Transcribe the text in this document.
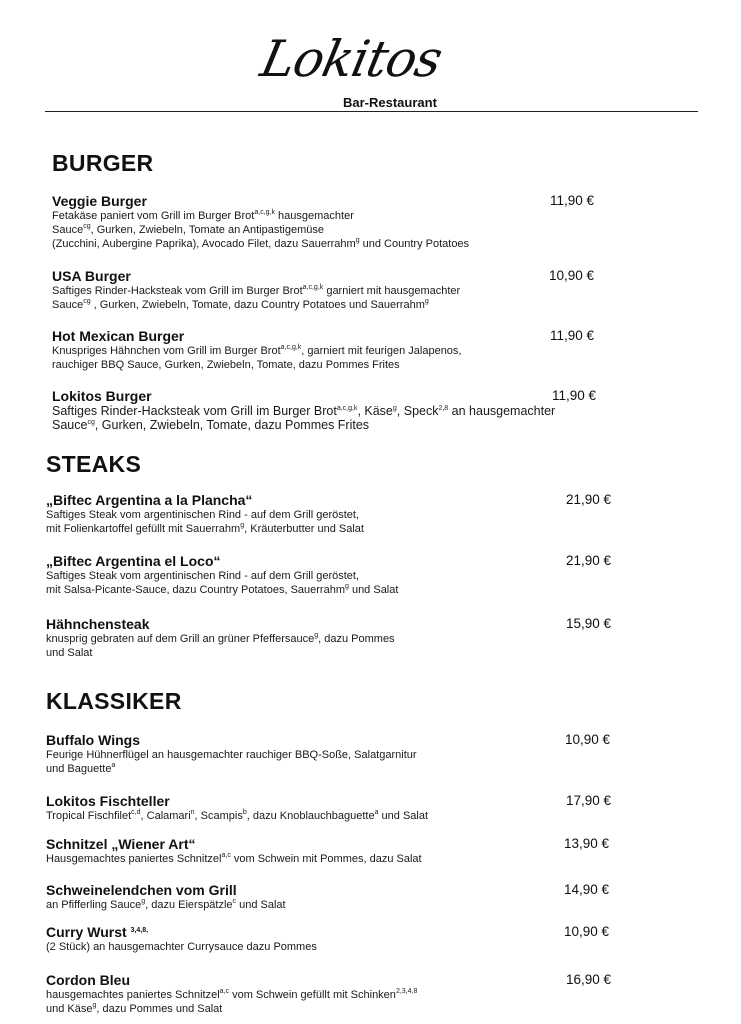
Lokitos
Bar-Restaurant
BURGER
STEAKS
KLASSIKER
Veggie Burger	11,90 €
Fetakäse paniert vom Grill im Burger Brot$^{a,c,g,k}$ hausgemachter
Sauce$^{cg}$, Gurken, Zwiebeln, Tomate an Antipastigemüse
(Zucchini, Aubergine Paprika), Avocado Filet, dazu Sauerrahm$^g$ und Country Potatoes
USA Burger	10,90 €
Saftiges Rinder-Hacksteak vom Grill im Burger Brot$^{a,c,g,k}$ garniert mit hausgemachter
Sauce$^{cg}$ , Gurken, Zwiebeln, Tomate, dazu Country Potatoes und Sauerrahm$^g$
Hot Mexican Burger	11,90 €
Knuspriges Hähnchen vom Grill im Burger Brot$^{a,c,g,k}$, garniert mit feurigen Jalapenos,
rauchiger BBQ Sauce, Gurken, Zwiebeln, Tomate, dazu Pommes Frites
Lokitos Burger	11,90 €
Saftiges Rinder-Hacksteak vom Grill im Burger Brot$^{a,c,g,k}$, Käse$^g$, Speck$^{2,8}$ an hausgemachter
Sauce$^{cg}$, Gurken, Zwiebeln, Tomate, dazu Pommes Frites
„Biftec Argentina a la Plancha“	21,90 €
Saftiges Steak vom argentinischen Rind - auf dem Grill geröstet,
mit Folienkartoffel gefüllt mit Sauerrahm$^g$, Kräuterbutter und Salat
„Biftec Argentina el Loco“	21,90 €
Saftiges Steak vom argentinischen Rind - auf dem Grill geröstet,
mit Salsa-Picante-Sauce, dazu Country Potatoes, Sauerrahm$^g$ und Salat
Hähnchensteak	15,90 €
knusprig gebraten auf dem Grill an grüner Pfeffersauce$^g$, dazu Pommes
und Salat
Buffalo Wings	10,90 €
Feurige Hühnerflügel an hausgemachter rauchiger BBQ-Soße, Salatgarnitur
und Baguette$^a$
Lokitos Fischteller	17,90 €
Tropical Fischfilet$^{c,d}$, Calamari$^n$, Scampis$^b$, dazu Knoblauchbaguette$^a$ und Salat
Schnitzel „Wiener Art“	13,90 €
Hausgemachtes paniertes Schnitzel$^{a,c}$ vom Schwein mit Pommes, dazu Salat
Schweinelendchen vom Grill	14,90 €
an Pfifferling Sauce$^g$, dazu Eierspätzle$^c$ und Salat
Curry Wurst $^{3,4,8,}$	10,90 €
(2 Stück) an hausgemachter Currysauce dazu Pommes
Cordon Bleu	16,90 €
hausgemachtes paniertes Schnitzel$^{a,c}$ vom Schwein gefüllt mit Schinken$^{2,3,4,8}$
und Käse$^g$, dazu Pommes und Salat
